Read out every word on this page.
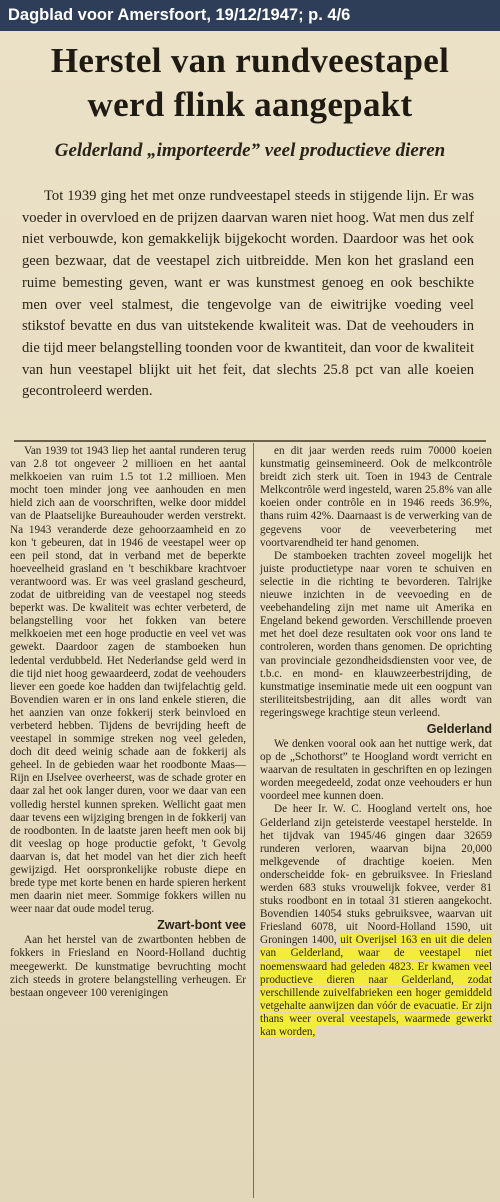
Dagblad voor Amersfoort, 19/12/1947; p. 4/6
Herstel van rundveestapel werd flink aangepakt
Gelderland „importeerde” veel productieve dieren

Tot 1939 ging het met onze rundveestapel steeds in stijgende lijn. Er was voeder in overvloed en de prijzen daarvan waren niet hoog. Wat men dus zelf niet verbouwde, kon gemakkelijk bijgekocht worden. Daardoor was het ook geen bezwaar, dat de veestapel zich uitbreidde. Men kon het grasland een ruime bemesting geven, want er was kunstmest genoeg en ook beschikte men over veel stalmest, die tengevolge van de eiwitrijke voeding veel stikstof bevatte en dus van uitstekende kwaliteit was. Dat de veehouders in die tijd meer belangstelling toonden voor de kwantiteit, dan voor de kwaliteit van hun veestapel blijkt uit het feit, dat slechts 25.8 pct van alle koeien gecontroleerd werden.

Van 1939 tot 1943 liep het aantal runderen terug van 2.8 tot ongeveer 2 millioen en het aantal melkkoeien van ruim 1.5 tot 1.2 millioen. Men mocht toen minder jong vee aanhouden en men hield zich aan de voorschriften, welke door middel van de Plaatselijke Bureauhouder werden verstrekt. Na 1943 veranderde deze gehoorzaamheid en zo kon 't gebeuren, dat in 1946 de veestapel weer op een peil stond, dat in verband met de beperkte hoeveelheid grasland en 't beschikbare krachtvoer verantwoord was. Er was veel grasland gescheurd, zodat de uitbreiding van de veestapel nog steeds beperkt was. De kwaliteit was echter verbeterd, de belangstelling voor het fokken van betere melkkoeien met een hoge productie en veel vet was gewekt. Daardoor zagen de stamboeken hun ledental verdubbeld. Het Nederlandse geld werd in die tijd niet hoog gewaardeerd, zodat de veehouders liever een goede koe hadden dan twijfelachtig geld. Bovendien waren er in ons land enkele stieren, die het aanzien van onze fokkerij sterk beinvloed en verbeterd hebben. Tijdens de bevrijding heeft de veestapel in sommige streken nog veel geleden, doch dit deed weinig schade aan de fokkerij als geheel. In de gebieden waar het roodbonte Maas—Rijn en IJselvee overheerst, was de schade groter en daar zal het ook langer duren, voor we daar van een volledig herstel kunnen spreken. Wellicht gaat men daar tevens een wijziging brengen in de fokkerij van de roodbonten. In de laatste jaren heeft men ook bij dit veeslag op hoge productie gefokt, 't Gevolg daarvan is, dat het model van het dier zich heeft gewijzigd. Het oorspronkelijke robuste diepe en brede type met korte benen en harde spieren herkent men daarin niet meer. Sommige fokkers willen nu weer naar dat oude model terug.

Zwart-bont vee

Aan het herstel van de zwartbonten hebben de fokkers in Friesland en Noord-Holland duchtig meegewerkt. De kunstmatige bevruchting mocht zich steeds in grotere belangstelling verheugen. Er bestaan ongeveer 100 verenigingen

en dit jaar werden reeds ruim 70000 koeien kunstmatig geinsemineerd. Ook de melkcontrôle breidt zich sterk uit. Toen in 1943 de Centrale Melkcontrôle werd ingesteld, waren 25.8% van alle koeien onder contrôle en in 1946 reeds 36.9%, thans ruim 42%. Daarnaast is de verwerking van de gegevens voor de veeverbetering met voortvarendheid ter hand genomen.

De stamboeken trachten zoveel mogelijk het juiste productietype naar voren te schuiven en selectie in die richting te bevorderen. Talrijke nieuwe inzichten in de veevoeding en de veebehandeling zijn met name uit Amerika en Engeland bekend geworden. Verschillende proeven met het doel deze resultaten ook voor ons land te controleren, worden thans genomen. De oprichting van provinciale gezondheidsdiensten voor vee, de t.b.c. en mond- en klauwzeerbestrijding, de kunstmatige inseminatie mede uit een oogpunt van steriliteitsbestrijding, aan dit alles wordt van regeringswege krachtige steun verleend.

Gelderland

We denken vooral ook aan het nuttige werk, dat op de „Schothorst” te Hoogland wordt verricht en waarvan de resultaten in geschriften en op lezingen worden meegedeeld, zodat onze veehouders er hun voordeel mee kunnen doen.

De heer Ir. W. C. Hoogland vertelt ons, hoe Gelderland zijn geteisterde veestapel herstelde. In het tijdvak van 1945/46 gingen daar 32659 runderen verloren, waarvan bijna 20,000 melkgevende of drachtige koeien. Men onderscheidde fok- en gebruiksvee. In Friesland werden 683 stuks vrouwelijk fokvee, verder 81 stuks roodbont en in totaal 31 stieren aangekocht. Bovendien 14054 stuks gebruiksvee, waarvan uit Friesland 6078, uit Noord-Holland 1590, uit Groningen 1400, uit Overijsel 163 en uit die delen van Gelderland, waar de veestapel niet noemenswaard had geleden 4823. Er kwamen veel productieve dieren naar Gelderland, zodat verschillende zuivelfabrieken een hoger gemiddeld vetgehalte aanwijzen dan vóór de evacuatie. Er zijn thans weer overal veestapels, waarmede gewerkt kan worden,
